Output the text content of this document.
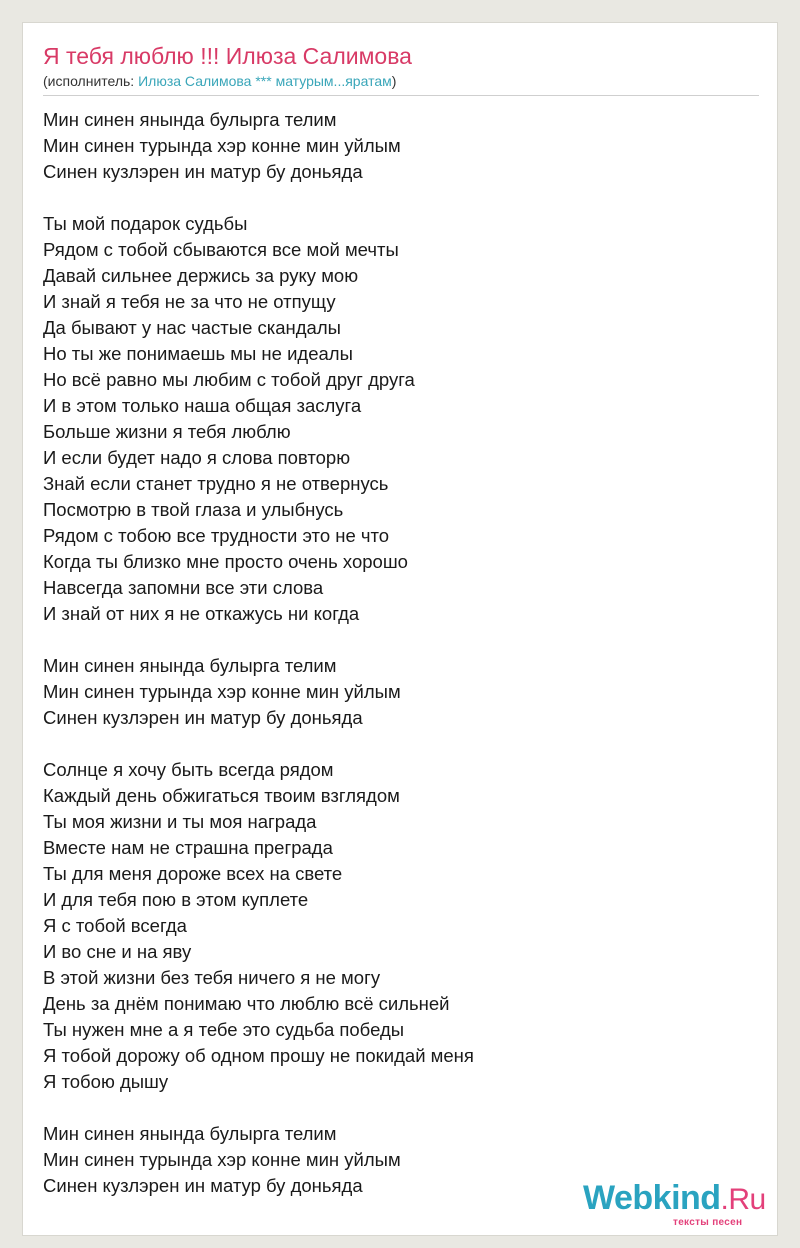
Я тебя люблю !!! Илюза Салимова
(исполнитель: Илюза Салимова *** матурым...яратам)
Мин синен янында булырга телим
Мин синен турында хэр конне мин уйлым
Синен кузлэрен ин матур бу доньяда
Ты мой подарок судьбы
Рядом с тобой сбываются все мой мечты
Давай сильнее держись за руку мою
И знай я тебя не за что не отпущу
Да бывают у нас частые скандалы
Но ты же понимаешь мы не идеалы
Но всё равно мы любим с тобой друг друга
И в этом только наша общая заслуга
Больше жизни я тебя люблю
И если будет надо я слова повторю
Знай если станет трудно я не отвернусь
Посмотрю в твой глаза и улыбнусь
Рядом с тобою все трудности это не что
Когда ты близко мне просто очень хорошо
Навсегда запомни все эти слова
И знай от них я не откажусь ни когда
Мин синен янында булырга телим
Мин синен турында хэр конне мин уйлым
Синен кузлэрен ин матур бу доньяда
Солнце я хочу быть всегда рядом
Каждый день обжигаться твоим взглядом
Ты моя жизни и ты моя награда
Вместе нам не страшна преграда
Ты для меня дороже всех на свете
И для тебя пою в этом куплете
Я с тобой всегда
И во сне и на яву
В этой жизни без тебя ничего я не могу
День за днём понимаю что люблю всё сильней
Ты нужен мне а я тебе это судьба победы
Я тобой дорожу об одном прошу не покидай меня
Я тобою дышу
Мин синен янында булырга телим
Мин синен турында хэр конне мин уйлым
Синен кузлэрен ин матур бу доньяда	Webkind.Ru
тексты песен
